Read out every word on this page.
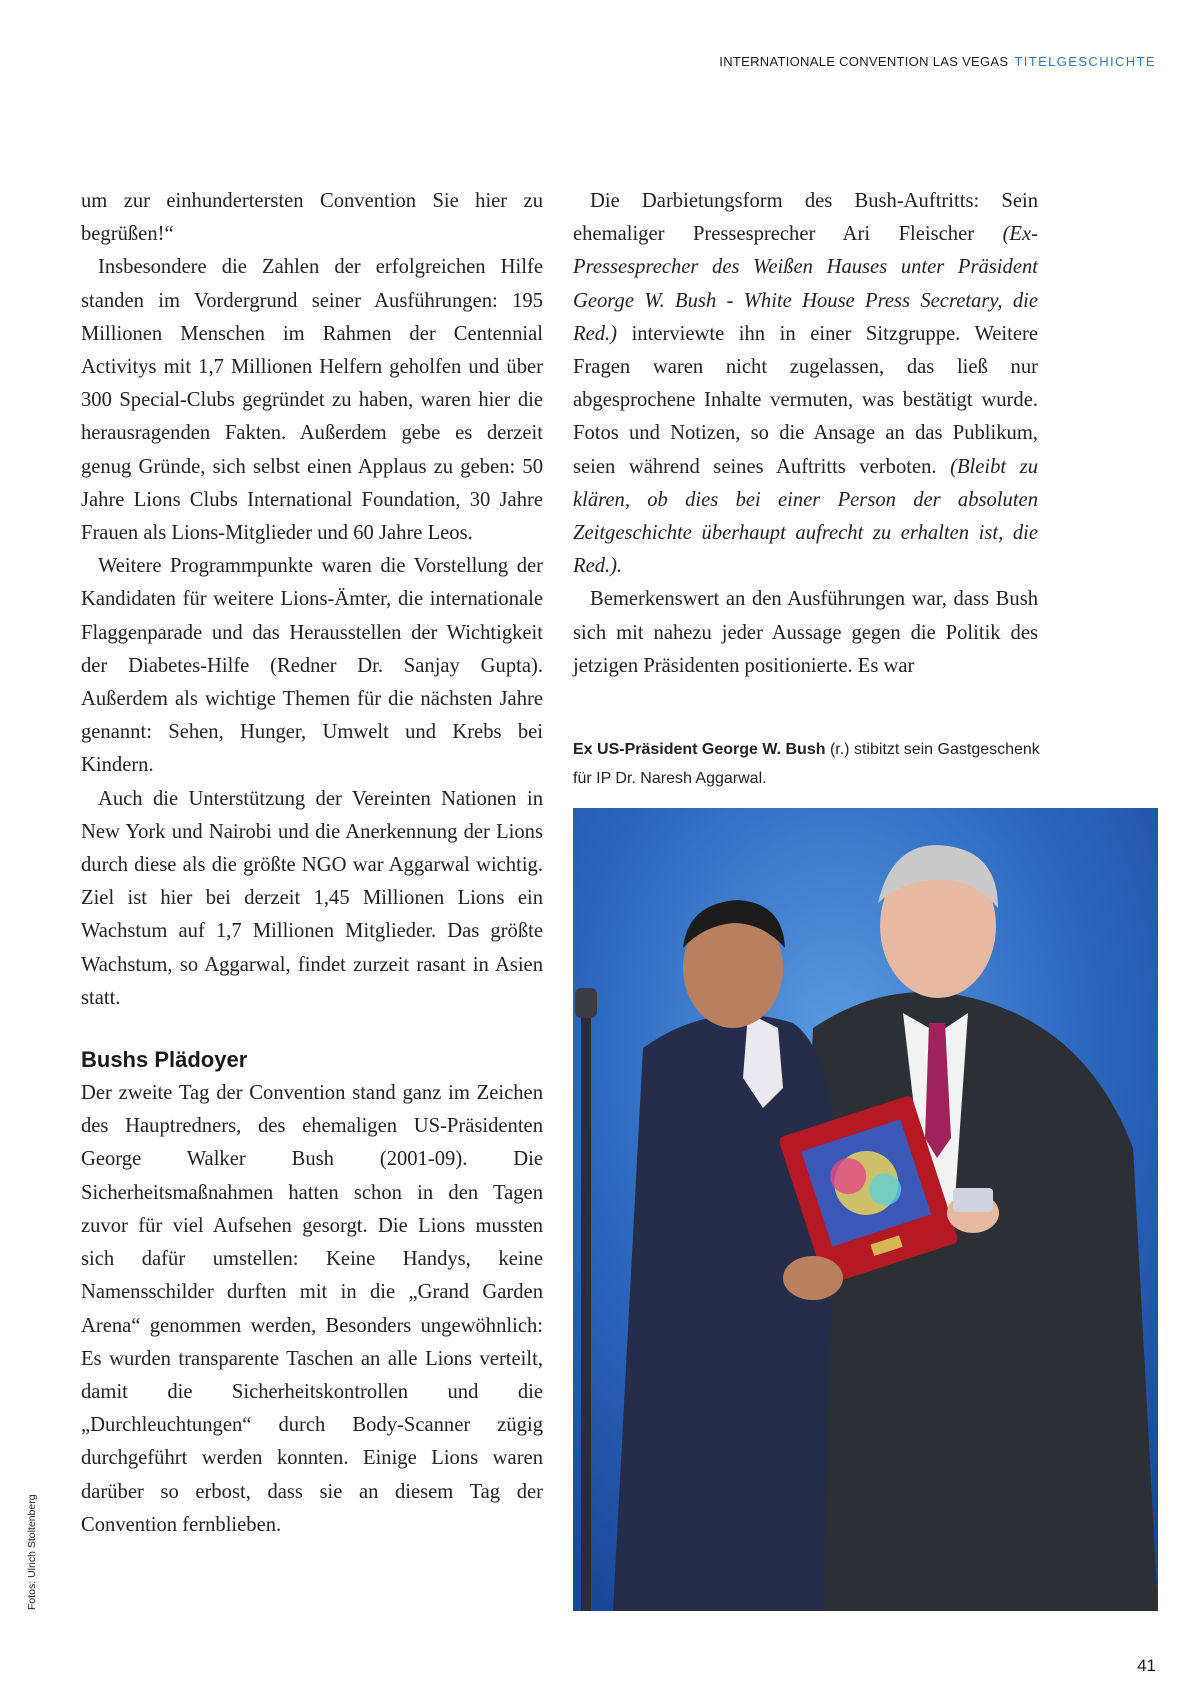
INTERNATIONALE CONVENTION LAS VEGAS TITELGESCHICHTE

um zur einhundertersten Convention Sie hier zu begrüßen!“

Insbesondere die Zahlen der erfolgreichen Hilfe standen im Vordergrund seiner Ausführungen: 195 Millionen Menschen im Rahmen der Centennial Activitys mit 1,7 Millionen Helfern geholfen und über 300 Special-Clubs gegründet zu haben, waren hier die herausragenden Fakten. Außerdem gebe es derzeit genug Gründe, sich selbst einen Applaus zu geben: 50 Jahre Lions Clubs International Foundation, 30 Jahre Frauen als Lions-Mitglieder und 60 Jahre Leos.

Weitere Programmpunkte waren die Vorstellung der Kandidaten für weitere Lions-Ämter, die internationale Flaggenparade und das Herausstellen der Wichtigkeit der Diabetes-Hilfe (Redner Dr. Sanjay Gupta). Außerdem als wichtige Themen für die nächsten Jahre genannt: Sehen, Hunger, Umwelt und Krebs bei Kindern.

Auch die Unterstützung der Vereinten Nationen in New York und Nairobi und die Anerkennung der Lions durch diese als die größte NGO war Aggarwal wichtig. Ziel ist hier bei derzeit 1,45 Millionen Lions ein Wachstum auf 1,7 Millionen Mitglieder. Das größte Wachstum, so Aggarwal, findet zurzeit rasant in Asien statt.

Bushs Plädoyer

Der zweite Tag der Convention stand ganz im Zeichen des Hauptredners, des ehemaligen US-Präsidenten George Walker Bush (2001-09). Die Sicherheitsmaßnahmen hatten schon in den Tagen zuvor für viel Aufsehen gesorgt. Die Lions mussten sich dafür umstellen: Keine Handys, keine Namensschilder durften mit in die „Grand Garden Arena“ genommen werden, Besonders ungewöhnlich: Es wurden transparente Taschen an alle Lions verteilt, damit die Sicherheitskontrollen und die „Durchleuchtungen“ durch Body-Scanner zügig durchgeführt werden konnten. Einige Lions waren darüber so erbost, dass sie an diesem Tag der Convention fernblieben.

Die Darbietungsform des Bush-Auftritts: Sein ehemaliger Pressesprecher Ari Fleischer (Ex-Pressesprecher des Weißen Hauses unter Präsident George W. Bush - White House Press Secretary, die Red.) interviewte ihn in einer Sitzgruppe. Weitere Fragen waren nicht zugelassen, das ließ nur abgesprochene Inhalte vermuten, was bestätigt wurde. Fotos und Notizen, so die Ansage an das Publikum, seien während seines Auftritts verboten. (Bleibt zu klären, ob dies bei einer Person der absoluten Zeitgeschichte überhaupt aufrecht zu erhalten ist, die Red.).

Bemerkenswert an den Ausführungen war, dass Bush sich mit nahezu jeder Aussage gegen die Politik des jetzigen Präsidenten positionierte. Es war

Ex US-Präsident George W. Bush (r.) stibitzt sein Gastgeschenk
für IP Dr. Naresh Aggarwal.
Fotos: Ulrich Stoltenberg
41
